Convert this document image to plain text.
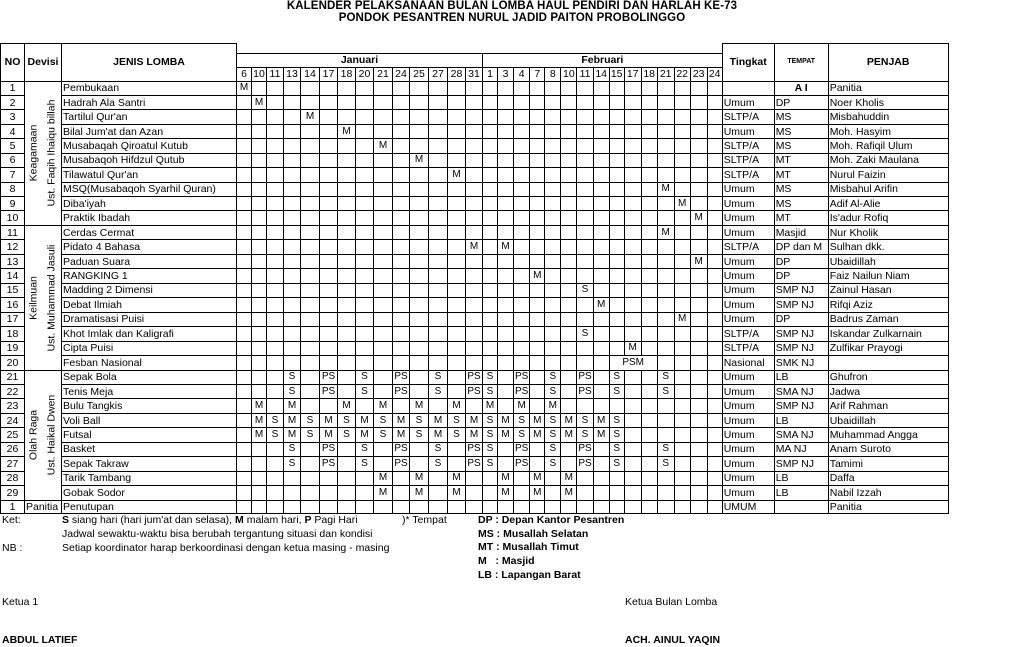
KALENDER PELAKSANAAN BULAN LOMBA HAUL PENDIRI DAN HARLAH KE-73
PONDOK PESANTREN NURUL JADID PAITON PROBOLINGGO
NO	Devisi	JENIS LOMBA																														Tingkat	TEMPAT	PENJAB
			Januari														Februari																	
			6	10	11	13	14	17	18	20	21	24	25	27	28	31	1	3	4	7	8	10	11	14	15	17	18	21	22	23	24			
1	Keagamaan Ust. Faqih Ihaiqu billah	Pembukaan	M																														A I	Panitia
2		Hadrah Ala Santri		M																												Umum	DP	Noer Kholis
3		Tartilul Qur'an					M																									SLTP/A	MS	Misbahuddin
4		Bilal Jum'at dan Azan							M																							Umum	MS	Moh. Hasyim
5		Musabaqah Qiroatul Kutub									M																					SLTP/A	MS	Moh. Rafiqil Ulum
6		Musabaqoh Hifdzul Qutub											M																			SLTP/A	MT	Moh. Zaki Maulana
7		Tilawatul Qur'an													M																	SLTP/A	MT	Nurul Faizin
8		MSQ(Musabaqoh Syarhil Quran)																										M				Umum	MS	Misbahul Arifin
9		Diba'iyah																											M			Umum	MS	Adif Al-Alie
10		Praktik Ibadah																												M		Umum	MT	Is'adur Rofiq
11	Keilmuan Ust. Muhammad Jasuli	Cerdas Cermat																										M				Umum	Masjid	Nur Kholik
12		Pidato 4 Bahasa														M		M														SLTP/A	DP dan M	Sulhan dkk.
13		Paduan Suara																												M		Umum	DP	Ubaidillah
14		RANGKING 1																		M												Umum	DP	Faiz Nailun Niam
15		Madding 2 Dimensi																					S									Umum	SMP NJ	Zainul Hasan
16		Debat Ilmiah																						M								Umum	SMP NJ	Rifqi Aziz
17		Dramatisasi Puisi																											M			Umum	DP	Badrus Zaman
18		Khot Imlak dan Kaligrafi																					S									SLTP/A	SMP NJ	Iskandar Zulkarnain
19		Cipta Puisi																								M						SLTP/A	SMP NJ	Zulfikar Prayogi
20		Fesban Nasional																							PSM							Nasional	SMK NJ	
21	Olah Raga Ust. Haikal Dwen	Sepak Bola				S		PS		S		PS		S		PS	S		PS		S		PS		S			S				Umum	LB	Ghufron
22		Tenis Meja				S		PS		S		PS		S		PS	S		PS		S		PS		S			S				Umum	SMA NJ	Jadwa
23		Bulu Tangkis		M		M			M		M		M		M		M		M		M											Umum	SMP NJ	Arif Rahman
24		Voli Ball		M	S	M	S	M	S	M	S	M	S	M	S	M	S	M	S	M	S	M	S	M	S							Umum	LB	Ubaidillah
25		Futsal		M	S	M	S	M	S	M	S	M	S	M	S	M	S	M	S	M	S	M	S	M	S							Umum	SMA NJ	Muhammad Angga
26		Basket				S		PS		S		PS		S		PS	S		PS		S		PS		S			S				Umum	MA NJ	Anam Suroto
27		Sepak Takraw				S		PS		S		PS		S		PS	S		PS		S		PS		S			S				Umum	SMP NJ	Tamimi
28		Tarik Tambang									M		M		M			M		M		M										Umum	LB	Daffa
29		Gobak Sodor									M		M		M			M		M		M										Umum	LB	Nabil Izzah
1	Panitia	Penutupan																														UMUM		Panitia
Ket:	S siang hari (hari jum'at dan selasa), M malam hari, P Pagi Hari	)* Tempat
Jadwal sewaktu-waktu bisa berubah tergantung situasi dan kondisi
NB :	Setiap koordinator harap berkoordinasi dengan ketua masing - masing
DP : Depan Kantor Pesantren
MS : Musallah Selatan
MT : Musallah Timut
M   : Masjid
LB : Lapangan Barat
Ketua 1
ABDUL LATIEF
Ketua Bulan Lomba
ACH. AINUL YAQIN
